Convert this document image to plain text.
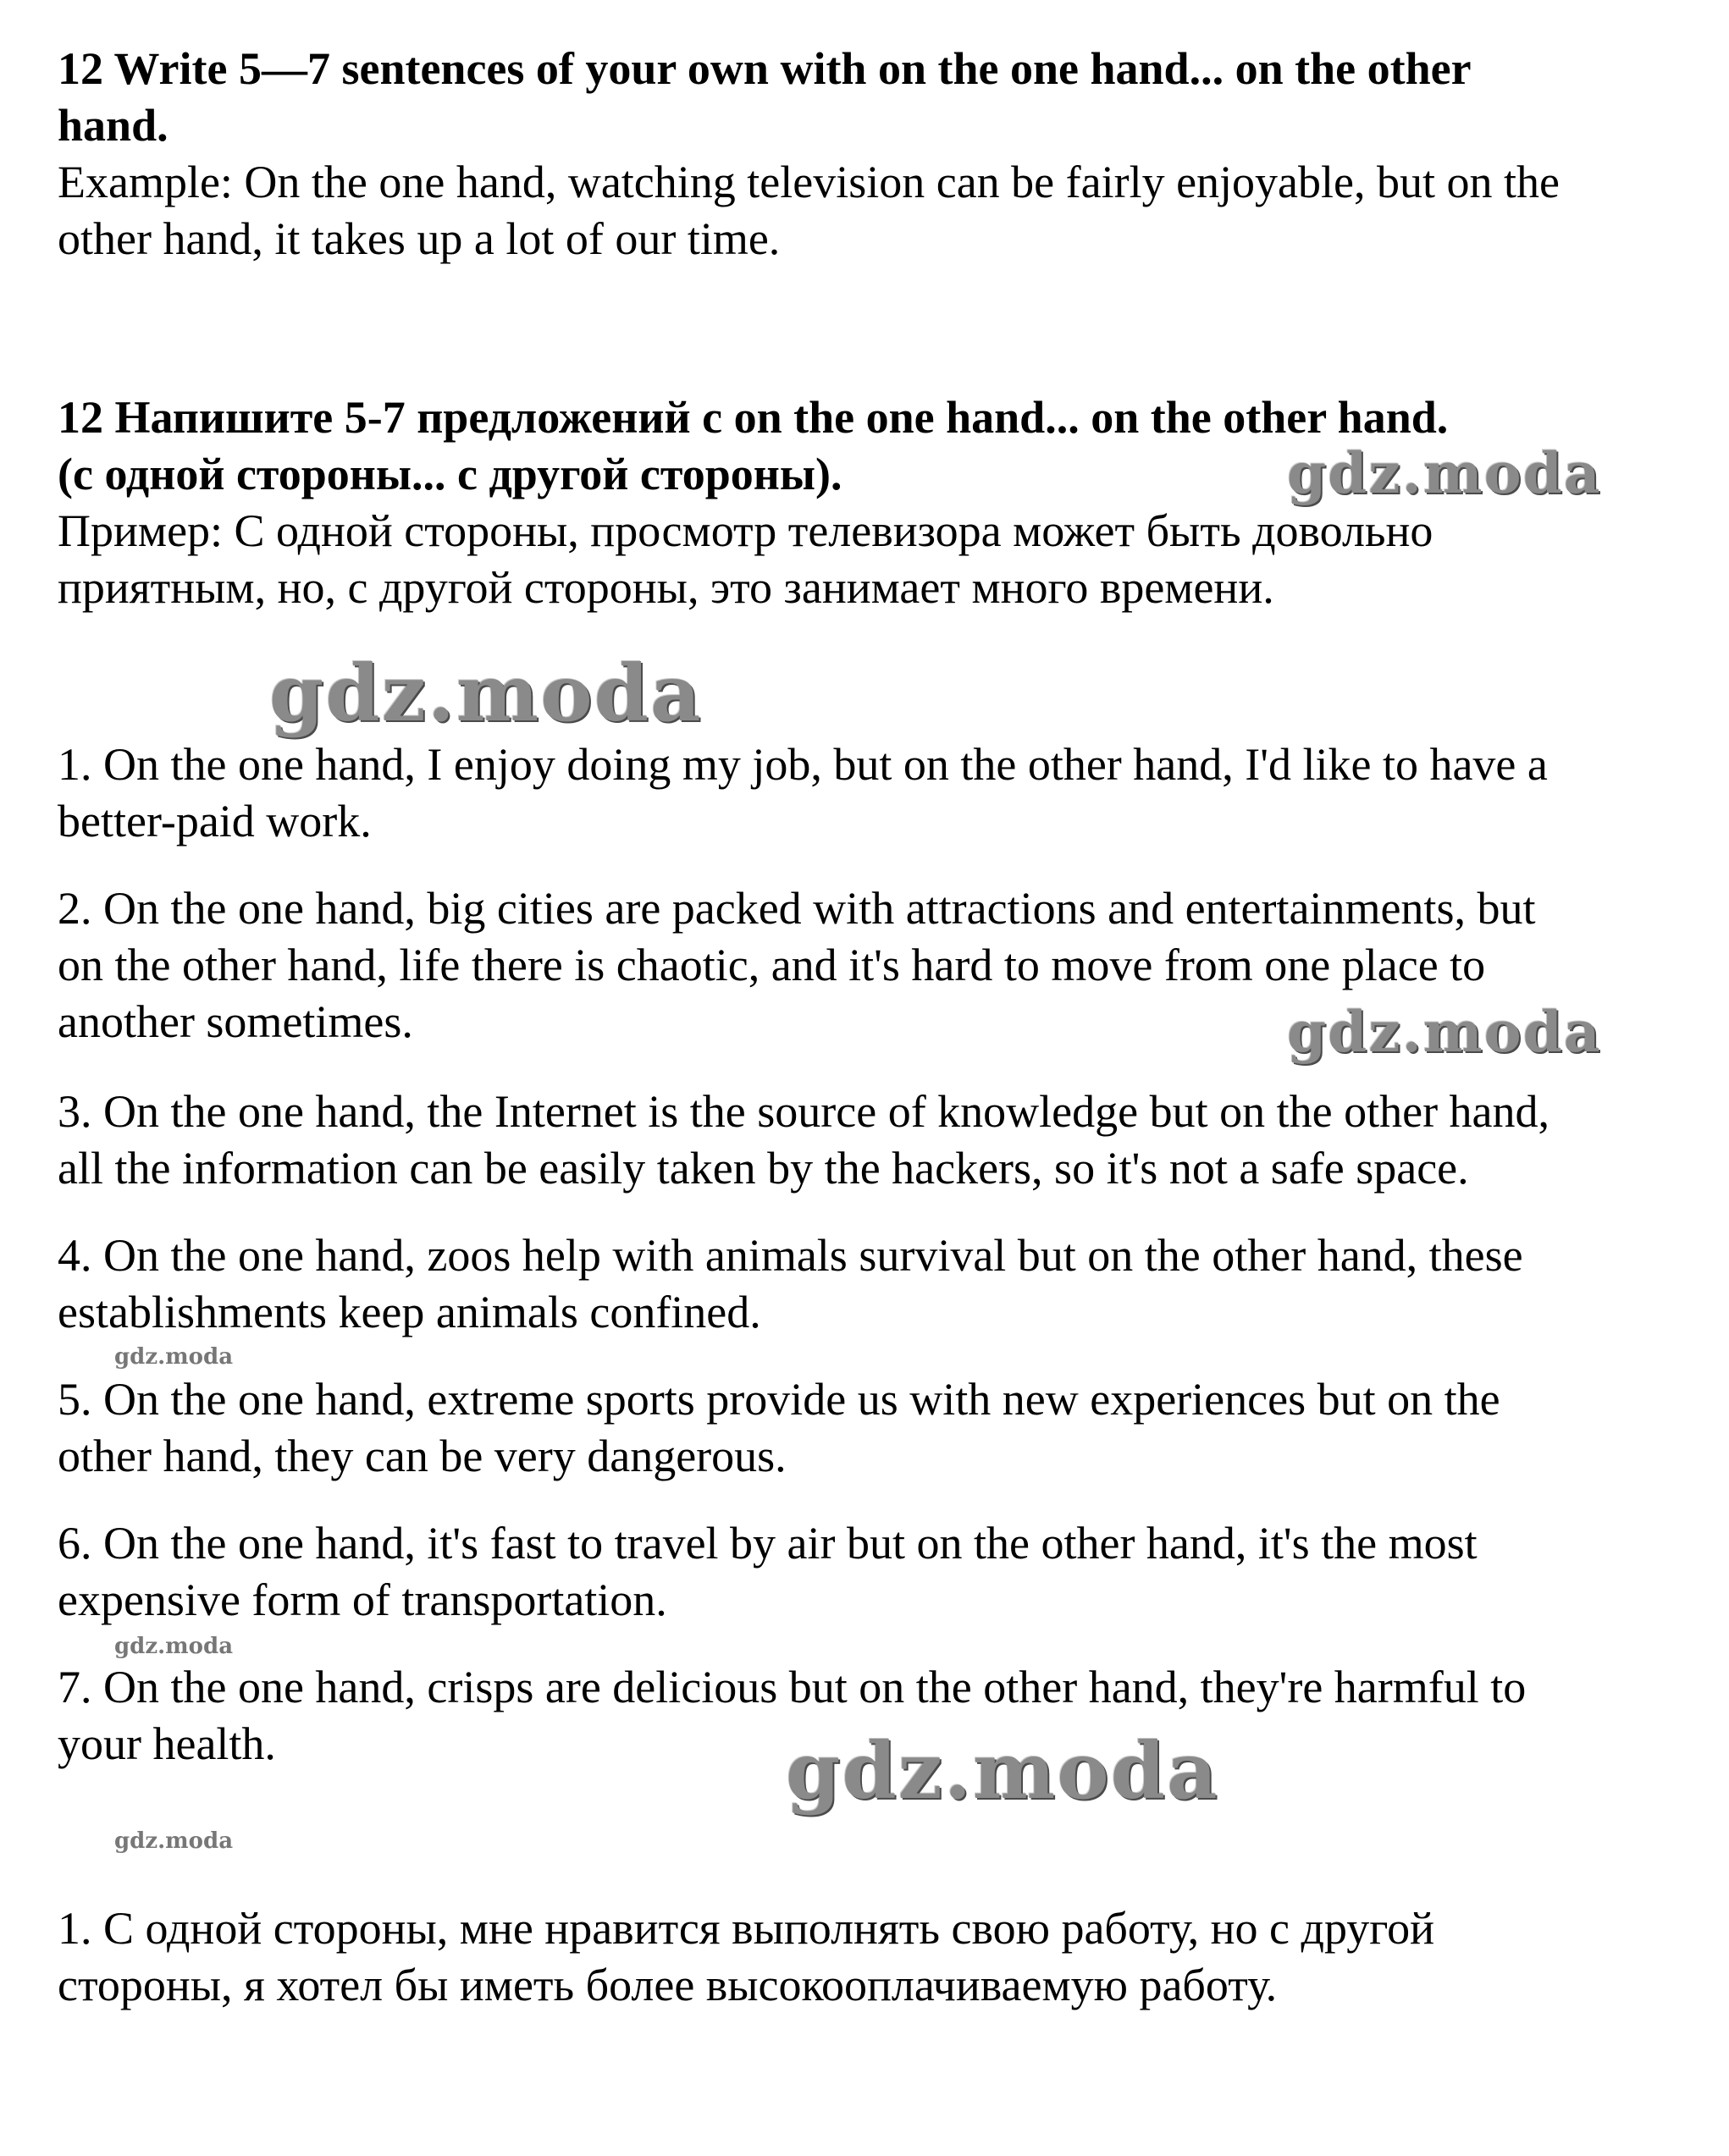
12 Write 5—7 sentences of your own with on the one hand... on the other
hand.
Example: On the one hand, watching television can be fairly enjoyable, but on the
other hand, it takes up a lot of our time.
12 Напишите 5-7 предложений с on the one hand... on the other hand.
(с одной стороны... с другой стороны).
Пример: С одной стороны, просмотр телевизора может быть довольно
приятным, но, с другой стороны, это занимает много времени.
1. On the one hand, I enjoy doing my job, but on the other hand, I'd like to have a
better-paid work.
2. On the one hand, big cities are packed with attractions and entertainments, but
on the other hand, life there is chaotic, and it's hard to move from one place to
another sometimes.
3. On the one hand, the Internet is the source of knowledge but on the other hand,
all the information can be easily taken by the hackers, so it's not a safe space.
4. On the one hand, zoos help with animals survival but on the other hand, these
establishments keep animals confined.
5. On the one hand, extreme sports provide us with new experiences but on the
other hand, they can be very dangerous.
6. On the one hand, it's fast to travel by air but on the other hand, it's the most
expensive form of transportation.
7. On the one hand, crisps are delicious but on the other hand, they're harmful to
your health.
1. С одной стороны, мне нравится выполнять свою работу, но с другой
стороны, я хотел бы иметь более высокооплачиваемую работу.
gdz.moda
gdz.moda
gdz.moda
gdz.moda
gdz.moda
gdz.moda
gdz.moda
